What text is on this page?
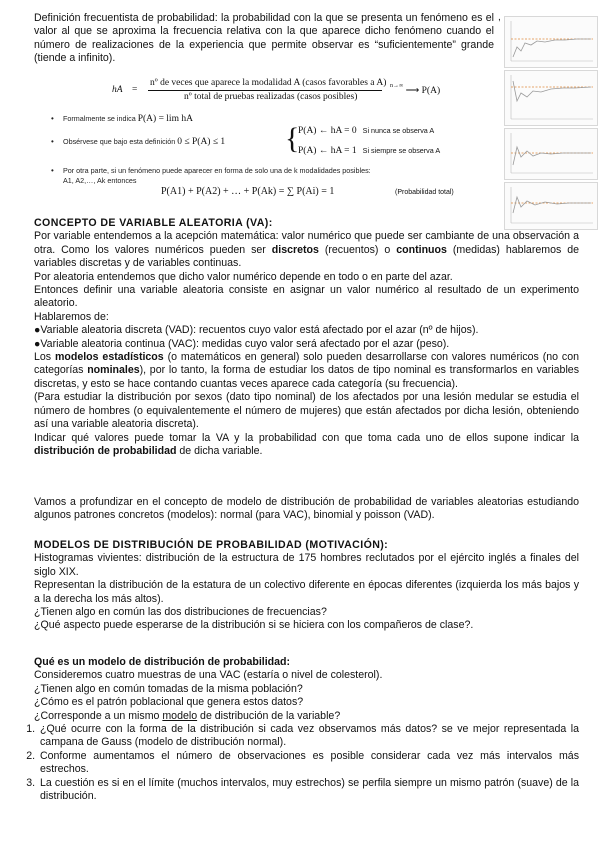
,
Definición frecuentista de probabilidad: la probabilidad con la que se presenta un fenómeno es el valor al que se aproxima la frecuencia relativa con la que aparece dicho fenómeno cuando el número de realizaciones de la experiencia que permite observar es “suficientemente” grande (tiende a infinito).
hA =
nº de veces que aparece la modalidad A (casos favorables a A)
nº total de pruebas realizadas (casos posibles)
$^{n\to\infty}$ ⟶ P(A)
• Formalmente se indica P(A) = lim hA
• Obsérvese que bajo esta definición 0 ≤ P(A) ≤ 1 {
P(A) ← hA = 0 Si nunca se observa A
P(A) ← hA = 1 Si siempre se observa A
• Por otra parte, si un fenómeno puede aparecer en forma de solo una de k modalidades posibles:
A1, A2,…, Ak entonces
P(A1) + P(A2) + … + P(Ak) = ∑ P(Ai) = 1	(Probabilidad total)

CONCEPTO DE VARIABLE ALEATORIA (VA):

Por variable entendemos a la acepción matemática: valor numérico que puede ser cambiante de una observación a otra. Como los valores numéricos pueden ser discretos (recuentos) o continuos (medidas) hablaremos de variables discretas y de variables continuas.

Por aleatoria entendemos que dicho valor numérico depende en todo o en parte del azar.

Entonces definir una variable aleatoria consiste en asignar un valor numérico al resultado de un experimento aleatorio.

Hablaremos de:

●Variable aleatoria discreta (VAD): recuentos cuyo valor está afectado por el azar (nº de hijos).

●Variable aleatoria continua (VAC): medidas cuyo valor será afectado por el azar (peso).

Los modelos estadísticos (o matemáticos en general) solo pueden desarrollarse con valores numéricos (no con categorías nominales), por lo tanto, la forma de estudiar los datos de tipo nominal es transformarlos en variables discretas, y esto se hace contando cuantas veces aparece cada categoría (su frecuencia).

(Para estudiar la distribución por sexos (dato tipo nominal) de los afectados por una lesión medular se estudia el número de hombres (o equivalentemente el número de mujeres) que están afectados por dicha lesión, obteniendo así una variable aleatoria discreta).

Indicar qué valores puede tomar la VA y la probabilidad con que toma cada uno de ellos supone indicar la distribución de probabilidad de dicha variable.

Vamos a profundizar en el concepto de modelo de distribución de probabilidad de variables aleatorias estudiando algunos patrones concretos (modelos): normal (para VAC), binomial y poisson (VAD).

MODELOS DE DISTRIBUCIÓN DE PROBABILIDAD (MOTIVACIÓN):

Histogramas vivientes: distribución de la estructura de 175 hombres reclutados por el ejército inglés a finales del siglo XIX.

Representan la distribución de la estatura de un colectivo diferente en épocas diferentes (izquierda los más bajos y a la derecha los más altos).

¿Tienen algo en común las dos distribuciones de frecuencias?

¿Qué aspecto puede esperarse de la distribución si se hiciera con los compañeros de clase?.

Qué es un modelo de distribución de probabilidad:

Consideremos cuatro muestras de una VAC (estaría o nivel de colesterol).

¿Tienen algo en común tomadas de la misma población?

¿Cómo es el patrón poblacional que genera estos datos?

¿Corresponde a un mismo modelo de distribución de la variable?

1. ¿Qué ocurre con la forma de la distribución si cada vez observamos más datos? se ve mejor representada la campana de Gauss (modelo de distribución normal).
2. Conforme aumentamos el número de observaciones es posible considerar cada vez más intervalos más estrechos.
3. La cuestión es si en el límite (muchos intervalos, muy estrechos) se perfila siempre un mismo patrón (suave) de la distribución.
